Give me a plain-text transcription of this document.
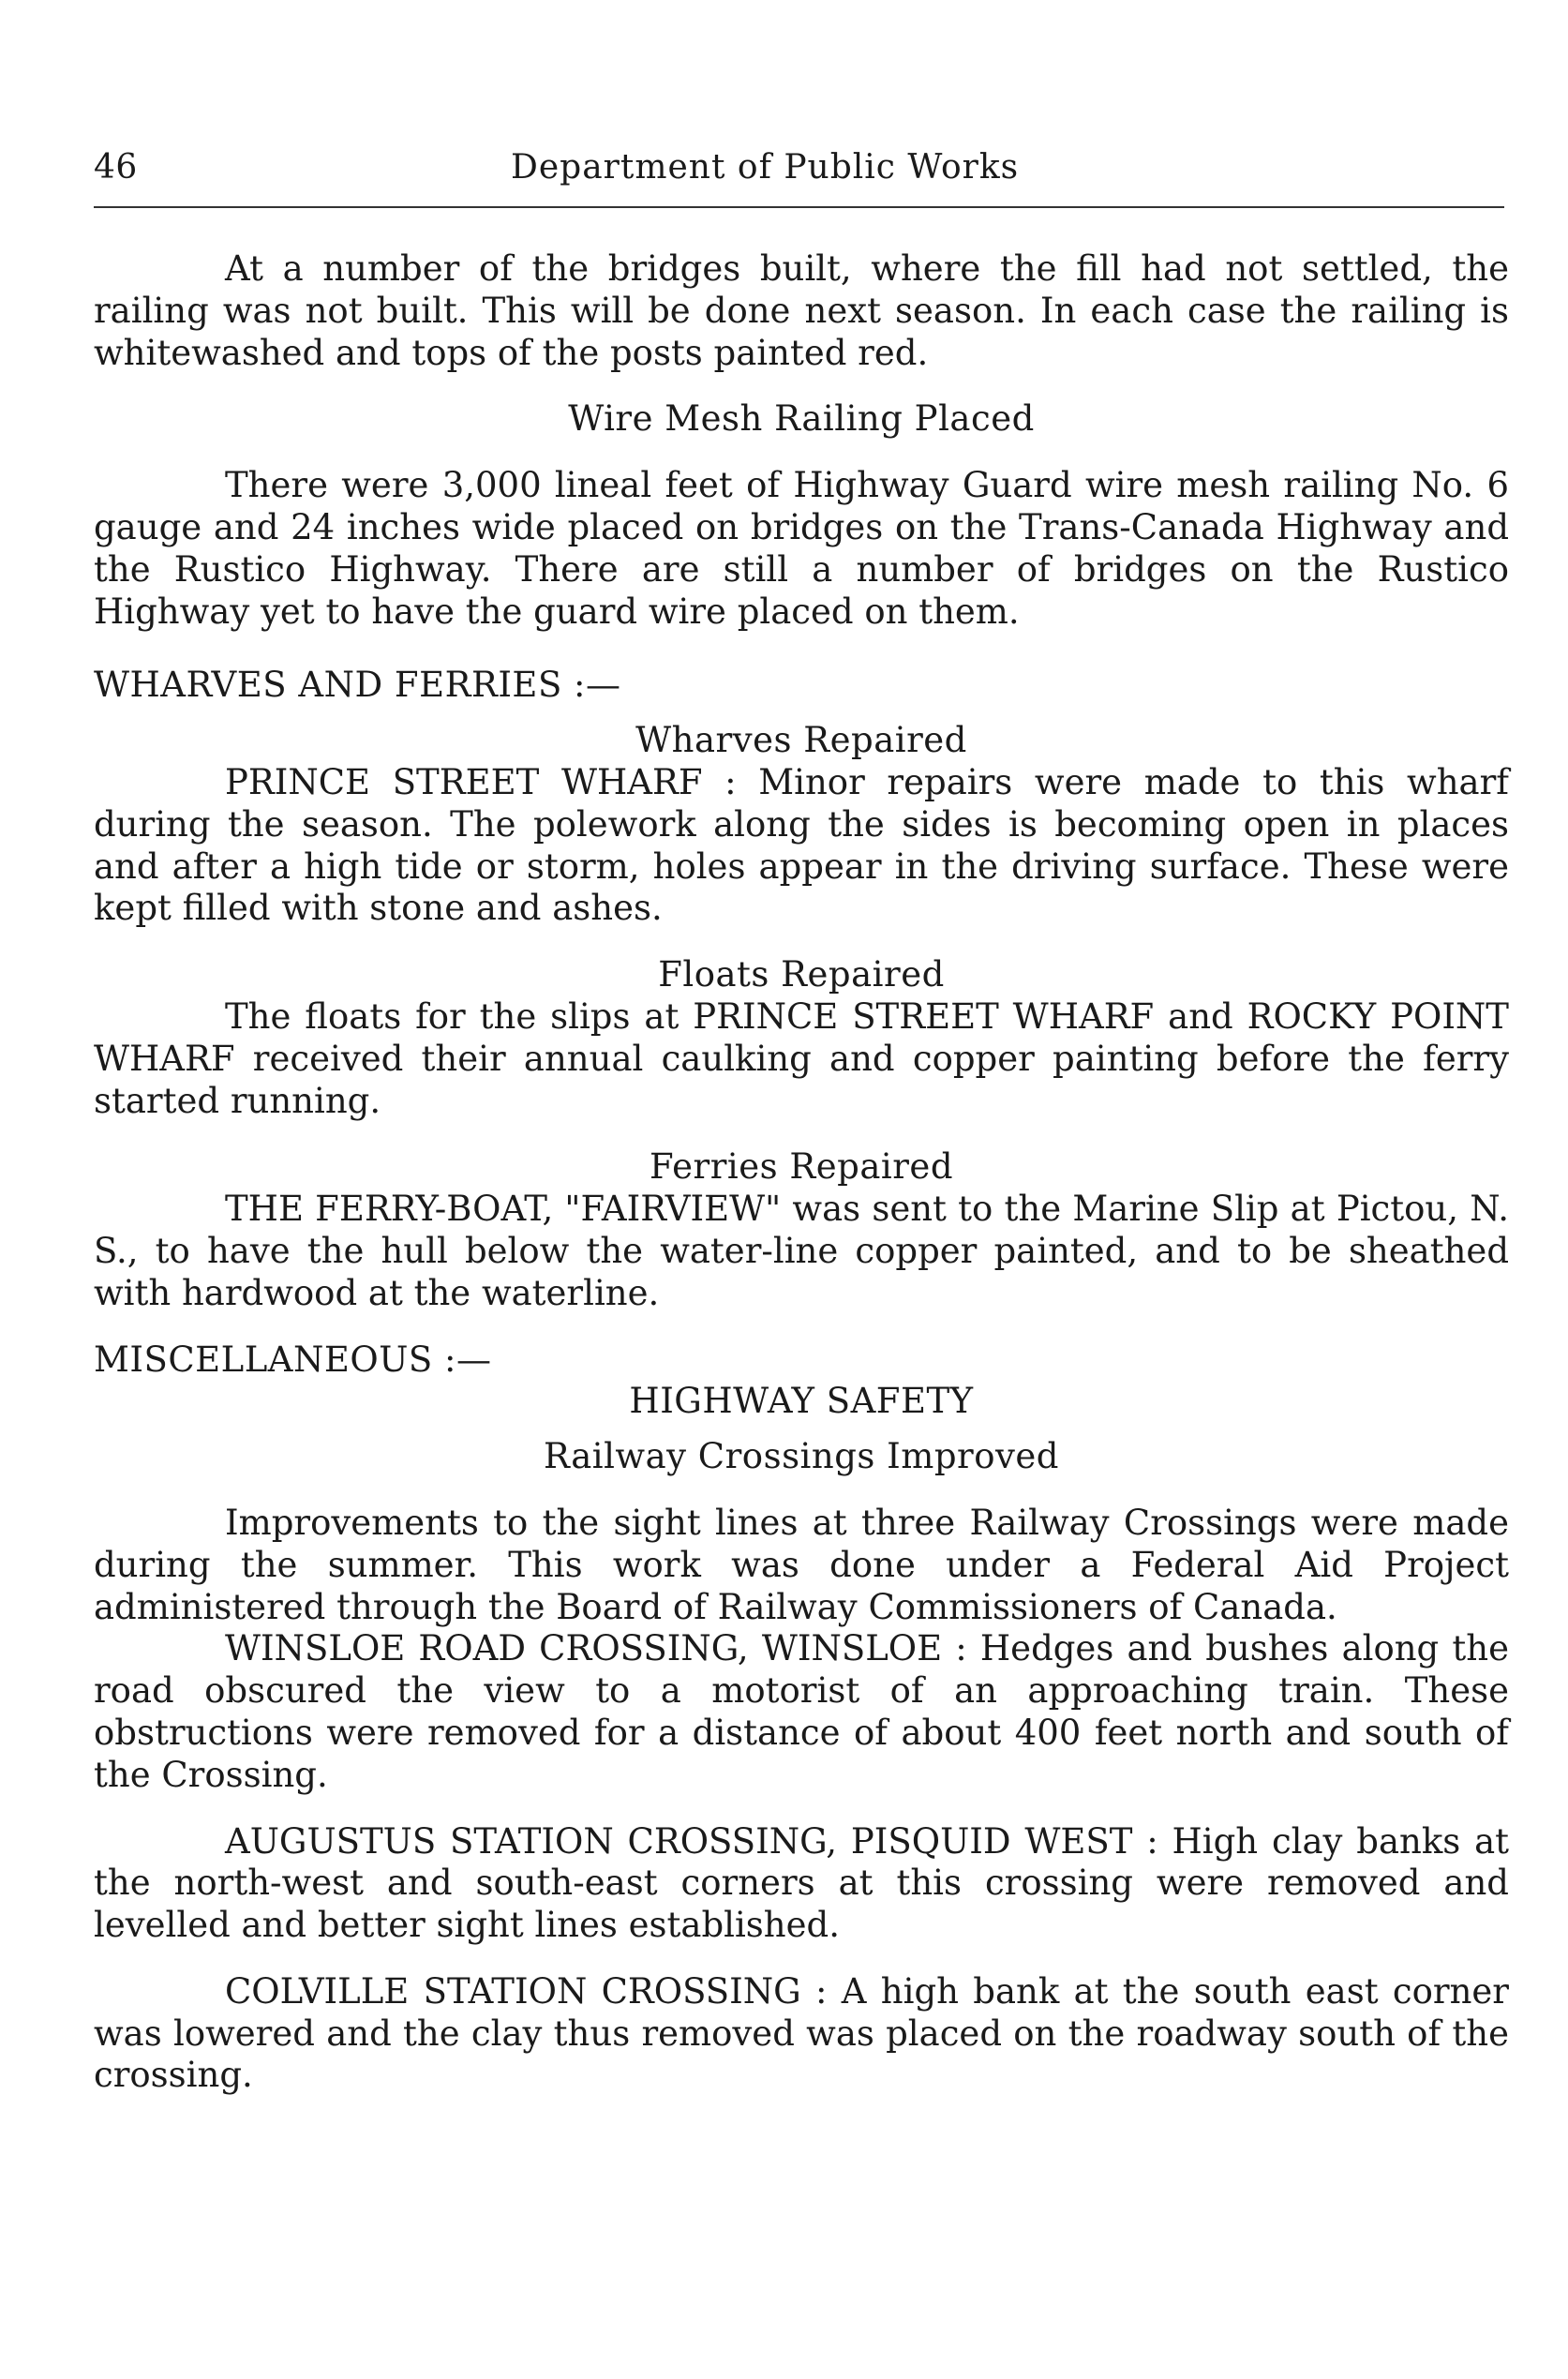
46	Department of Public Works

At a number of the bridges built, where the fill had not settled, the railing was not built. This will be done next season. In each case the railing is whitewashed and tops of the posts painted red.

Wire Mesh Railing Placed

There were 3,000 lineal feet of Highway Guard wire mesh railing No. 6 gauge and 24 inches wide placed on bridges on the Trans-Canada Highway and the Rustico Highway. There are still a number of bridges on the Rustico Highway yet to have the guard wire placed on them.

WHARVES AND FERRIES :—

Wharves Repaired

PRINCE STREET WHARF : Minor repairs were made to this wharf during the season. The polework along the sides is becoming open in places and after a high tide or storm, holes appear in the driving surface. These were kept filled with stone and ashes.

Floats Repaired

The floats for the slips at PRINCE STREET WHARF and ROCKY POINT WHARF received their annual caulking and copper painting before the ferry started running.

Ferries Repaired

THE FERRY-BOAT, "FAIRVIEW" was sent to the Marine Slip at Pictou, N. S., to have the hull below the water-line copper painted, and to be sheathed with hardwood at the waterline.

MISCELLANEOUS :—

HIGHWAY SAFETY

Railway Crossings Improved

Improvements to the sight lines at three Railway Crossings were made during the summer. This work was done under a Federal Aid Project administered through the Board of Railway Commissioners of Canada.

WINSLOE ROAD CROSSING, WINSLOE : Hedges and bushes along the road obscured the view to a motorist of an approaching train. These obstructions were removed for a distance of about 400 feet north and south of the Crossing.

AUGUSTUS STATION CROSSING, PISQUID WEST : High clay banks at the north-west and south-east corners at this crossing were removed and levelled and better sight lines established.

COLVILLE STATION CROSSING : A high bank at the south east corner was lowered and the clay thus removed was placed on the roadway south of the crossing.
